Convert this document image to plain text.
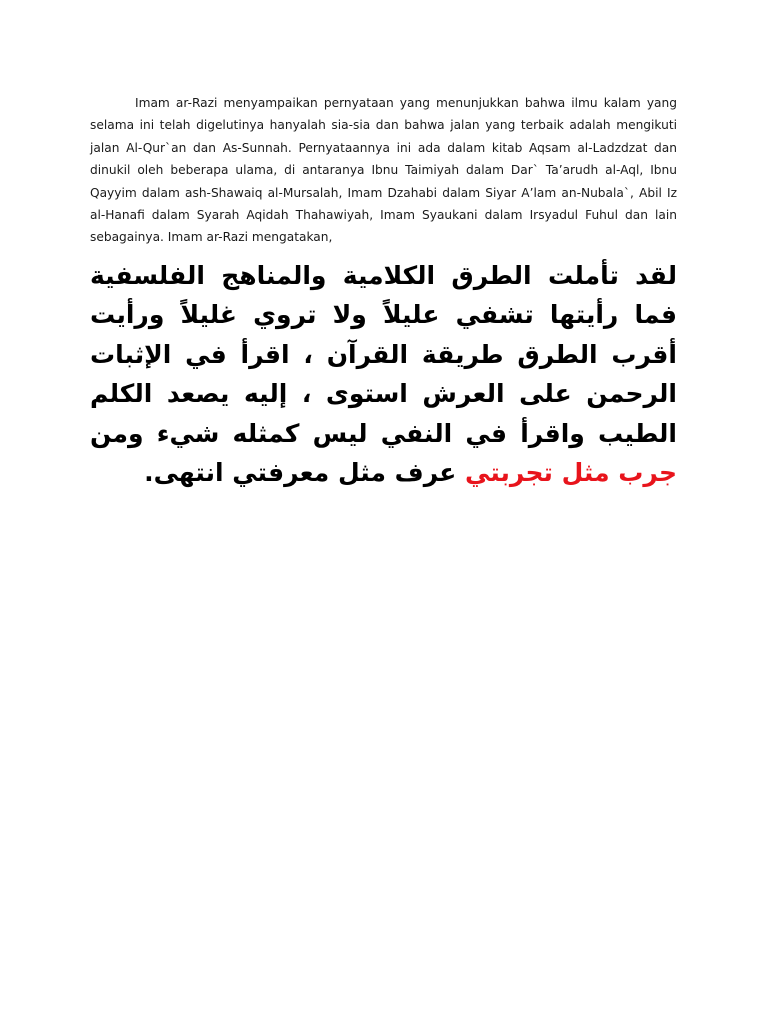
Imam ar-Razi menyampaikan pernyataan yang menunjukkan bahwa ilmu kalam yang selama ini telah digelutinya hanyalah sia-sia dan bahwa jalan yang terbaik adalah mengikuti jalan Al-Qur`an dan As-Sunnah. Pernyataannya ini ada dalam kitab Aqsam al-Ladzdzat dan dinukil oleh beberapa ulama, di antaranya Ibnu Taimiyah dalam Dar` Ta’arudh al-Aql, Ibnu Qayyim dalam ash-Shawaiq al-Mursalah, Imam Dzahabi dalam Siyar A’lam an-Nubala`, Abil Iz al-Hanafi dalam Syarah Aqidah Thahawiyah, Imam Syaukani dalam Irsyadul Fuhul dan lain sebagainya. Imam ar-Razi mengatakan,

لقد تأملت الطرق الكلامية والمناهج الفلسفية فما رأيتها تشفي عليلاً ولا تروي غليلاً ورأيت أقرب الطرق طريقة القرآن ، اقرأ في الإثبات الرحمن على العرش استوى ، إليه يصعد الكلم الطيب واقرأ في النفي ليس كمثله شيء ومن جرب مثل تجربتي عرف مثل معرفتي انتهى.
